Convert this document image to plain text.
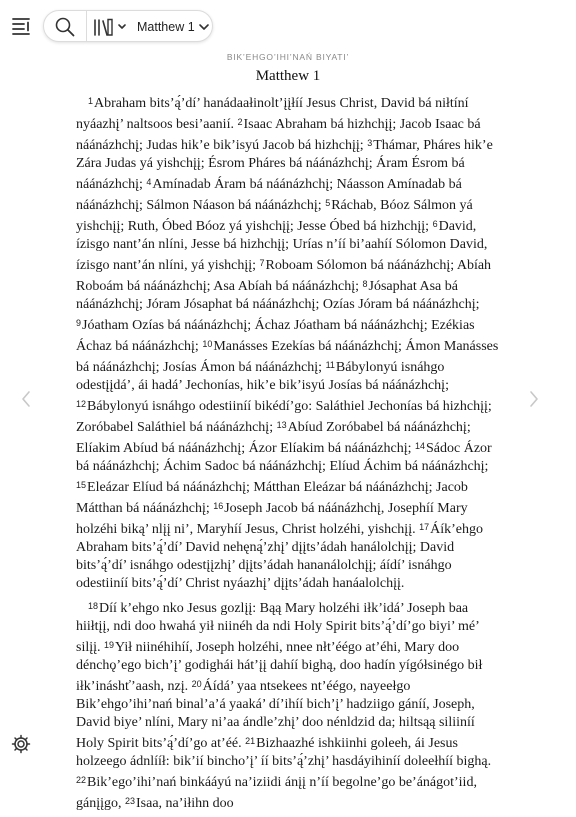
Matthew 1
BIK’EHGO’IHI’NAŃ BIYATI’
Matthew 1

$^1$Abraham bits’ą́’dí’ hanádaałinolt’įįłíí Jesus Christ, David bá niłtíní nyáazhį’ naltsoos besi’aanií. $^2$Isaac Abraham bá hizhchįį; Jacob Isaac bá náánázhchį; Judas hik’e bik’isyú Jacob bá hizhchįį; $^3$Thámar, Pháres hik’e Zára Judas yá yishchįį; Ésrom Pháres bá náánázhchį; Áram Ésrom bá náánázhchį; $^4$Amínadab Áram bá náánázhchį; Náasson Amínadab bá náánázhchį; Sálmon Náason bá náánázhchį; $^5$Ráchab, Bóoz Sálmon yá yishchįį; Ruth, Óbed Bóoz yá yishchįį; Jesse Óbed bá hizhchįį; $^6$David, ízisgo nant’án nlíni, Jesse bá hizhchįį; Urías n’íí bi’aahíí Sólomon David, ízisgo nant’án nlíni, yá yishchįį; $^7$Roboam Sólomon bá náánázhchį; Abíah Roboám bá náánázhchį; Asa Abíah bá náánázhchį; $^8$Jósaphat Asa bá náánázhchį; Jóram Jósaphat bá náánázhchį; Ozías Jóram bá náánázhchį; $^9$Jóatham Ozías bá náánázhchį; Áchaz Jóatham bá náánázhchį; Ezékias Áchaz bá náánázhchį; $^{10}$Manásses Ezekías bá náánázhchį; Ámon Manásses bá náánázhchį; Josías Ámon bá náánázhchį; $^{11}$Bábylonyú isnáhgo odestįįdá’, ái hadá’ Jechonías, hik’e bik’isyú Josías bá náánázhchį; $^{12}$Bábylonyú isnáhgo odestiiníí bikédí’go: Saláthiel Jechonías bá hizhchįį; Zoróbabel Saláthiel bá náánázhchį; $^{13}$Abíud Zoróbabel bá náánázhchį; Elíakim Abíud bá náánázhchį; Ázor Elíakim bá náánázhchį; $^{14}$Sádoc Ázor bá náánázhchį; Áchim Sadoc bá náánázhchį; Elíud Áchim bá náánázhchį; $^{15}$Eleázar Elíud bá náánázhchį; Mátthan Eleázar bá náánázhchį; Jacob Mátthan bá náánázhchį; $^{16}$Joseph Jacob bá náánázhchį, Josephíí Mary holzéhi biką’ nlįį ni’, Maryhíí Jesus, Christ holzéhi, yishchįį. $^{17}$Áík’ehgo Abraham bits’ą́’dí’ David nehęną́’zhį’ dįįts’ádah hanálolchįį; David bits’ą́’dí’ isnáhgo odestįįzhį’ dįįts’ádah hananálolchįį; áídí’ isnáhgo odestiiníí bits’ą́’dí’ Christ nyáazhį’ dįįts’ádah hanáalolchįį.

$^{18}$Díí k’ehgo nko Jesus gozlįį: Bąą Mary holzéhi iłk’idá’ Joseph baa hiiłtįį, ndi doo hwahá yił niinéh da ndi Holy Spirit bits’ą́’dí’go biyi’ mé’ silįį. $^{19}$Yił niinéhihíí, Joseph holzéhi, nnee nłt’éégo at’éhi, Mary doo dénchǫ’ego bich’į’ godighái hát’įį dahíí bighą, doo hadín yígółsinégo bił iłk’ináshť’aash, nzį. $^{20}$Áídá’ yaa ntsekees nt’éégo, nayeełgo Bik’ehgo’ihi’nań binal’a’á yaaká’ dí’ihíí bich’į’ hadziigo gáníí, Joseph, David biye’ nlíni, Mary ni’aa ándle’zhį’ doo nénldzid da; hiltsąą siliiníí Holy Spirit bits’ą́’dí’go at’éé. $^{21}$Bizhaazhé ishkiinhi goleeh, ái Jesus holzeego ádnlííł: bik’ií bincho’į’ íí bits’ą́’zhį’ hasdáyihiníí doleełhíí bighą. $^{22}$Bik’ego’ihi’nań binkááyú na’iziidi ánįį n’íí begolne’go be’ánágot’iid, gánįįgo, $^{23}$Isaa, na’iłihn doo
